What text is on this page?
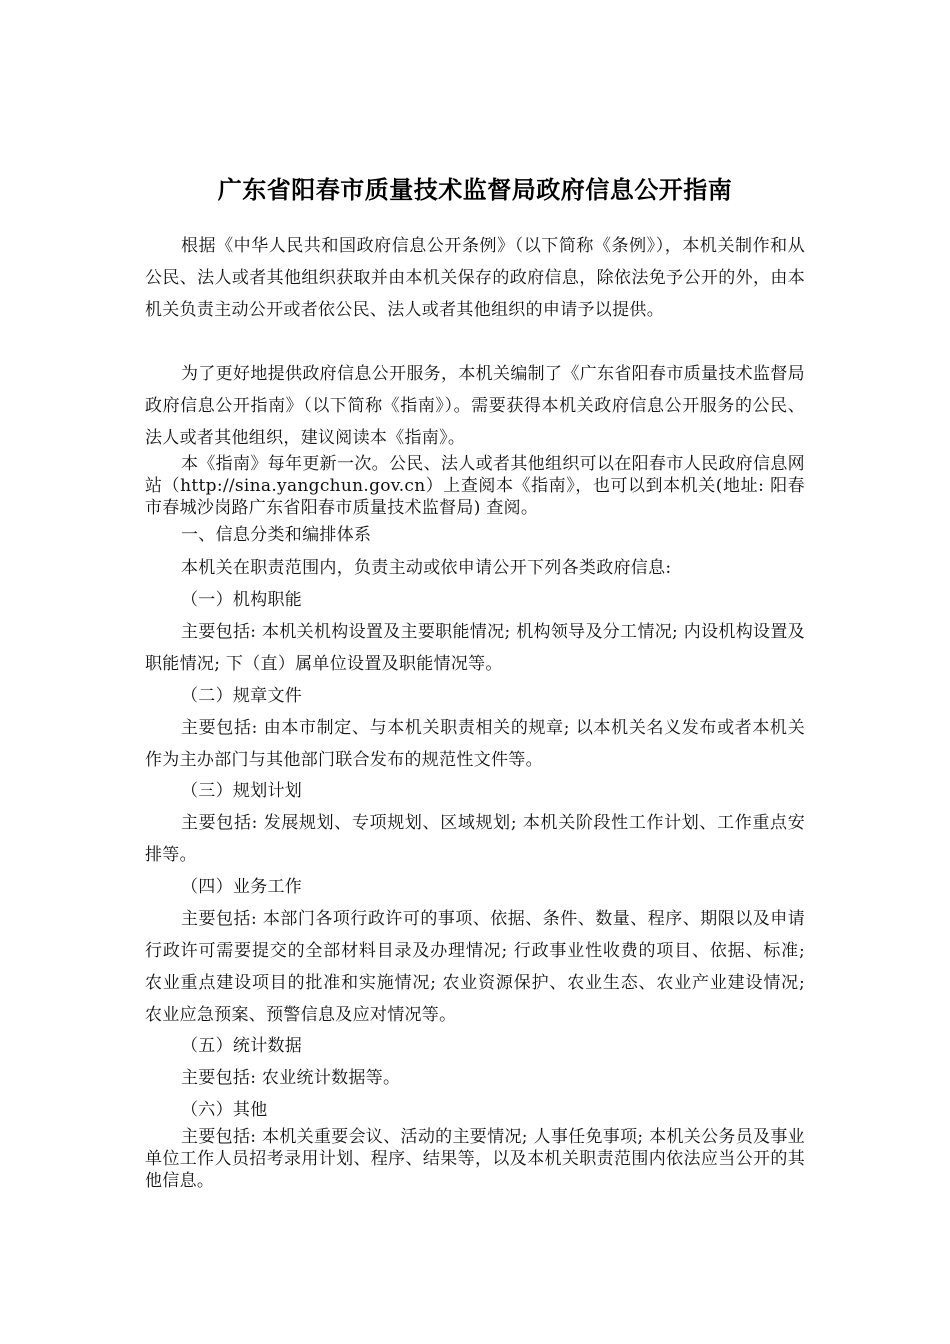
广东省阳春市质量技术监督局政府信息公开指南

根据《中华人民共和国政府信息公开条例》（以下简称《条例》），本机关制作和从公民、法人或者其他组织获取并由本机关保存的政府信息，除依法免予公开的外，由本机关负责主动公开或者依公民、法人或者其他组织的申请予以提供。

为了更好地提供政府信息公开服务，本机关编制了《广东省阳春市质量技术监督局政府信息公开指南》（以下简称《指南》）。需要获得本机关政府信息公开服务的公民、法人或者其他组织，建议阅读本《指南》。

本《指南》每年更新一次。公民、法人或者其他组织可以在阳春市人民政府信息网站（http://sina.yangchun.gov.cn）上查阅本《指南》，也可以到本机关(地址: 阳春市春城沙岗路广东省阳春市质量技术监督局) 查阅。

一、信息分类和编排体系

本机关在职责范围内，负责主动或依申请公开下列各类政府信息:

（一）机构职能

主要包括: 本机关机构设置及主要职能情况; 机构领导及分工情况; 内设机构设置及职能情况; 下（直）属单位设置及职能情况等。

（二）规章文件

主要包括: 由本市制定、与本机关职责相关的规章; 以本机关名义发布或者本机关作为主办部门与其他部门联合发布的规范性文件等。

（三）规划计划

主要包括: 发展规划、专项规划、区域规划; 本机关阶段性工作计划、工作重点安排等。

（四）业务工作

主要包括: 本部门各项行政许可的事项、依据、条件、数量、程序、期限以及申请行政许可需要提交的全部材料目录及办理情况; 行政事业性收费的项目、依据、标准; 农业重点建设项目的批准和实施情况; 农业资源保护、农业生态、农业产业建设情况; 农业应急预案、预警信息及应对情况等。

（五）统计数据

主要包括: 农业统计数据等。

（六）其他

主要包括: 本机关重要会议、活动的主要情况; 人事任免事项; 本机关公务员及事业单位工作人员招考录用计划、程序、结果等，以及本机关职责范围内依法应当公开的其他信息。
